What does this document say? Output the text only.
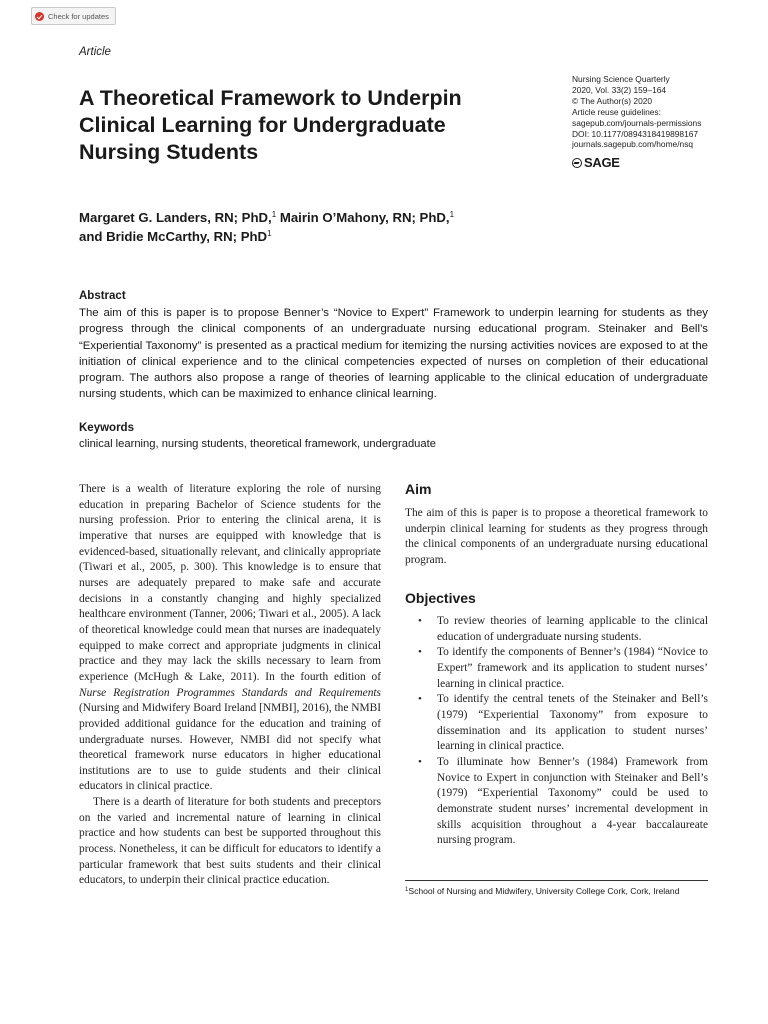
Check for updates
Article
A Theoretical Framework to Underpin Clinical Learning for Undergraduate Nursing Students
Nursing Science Quarterly
2020, Vol. 33(2) 159–164
© The Author(s) 2020
Article reuse guidelines:
sagepub.com/journals-permissions
DOI: 10.1177/0894318419898167
journals.sagepub.com/home/nsq
SAGE
Margaret G. Landers, RN; PhD,$^1$ Mairin O’Mahony, RN; PhD,$^1$
and Bridie McCarthy, RN; PhD$^1$
Abstract
The aim of this is paper is to propose Benner’s “Novice to Expert” Framework to underpin learning for students as they progress through the clinical components of an undergraduate nursing educational program. Steinaker and Bell’s “Experiential Taxonomy” is presented as a practical medium for itemizing the nursing activities novices are exposed to at the initiation of clinical experience and to the clinical competencies expected of nurses on completion of their educational program. The authors also propose a range of theories of learning applicable to the clinical education of undergraduate nursing students, which can be maximized to enhance clinical learning.
Keywords
clinical learning, nursing students, theoretical framework, undergraduate

There is a wealth of literature exploring the role of nursing education in preparing Bachelor of Science students for the nursing profession. Prior to entering the clinical arena, it is imperative that nurses are equipped with knowledge that is evidenced-based, situationally relevant, and clinically appropriate (Tiwari et al., 2005, p. 300). This knowledge is to ensure that nurses are adequately prepared to make safe and accurate decisions in a constantly changing and highly specialized healthcare environment (Tanner, 2006; Tiwari et al., 2005). A lack of theoretical knowledge could mean that nurses are inadequately equipped to make correct and appropriate judgments in clinical practice and they may lack the skills necessary to learn from experience (McHugh & Lake, 2011). In the fourth edition of Nurse Registration Programmes Standards and Requirements (Nursing and Midwifery Board Ireland [NMBI], 2016), the NMBI provided additional guidance for the education and training of undergraduate nurses. However, NMBI did not specify what theoretical framework nurse educators in higher educational institutions are to use to guide students and their clinical educators in clinical practice.

There is a dearth of literature for both students and preceptors on the varied and incremental nature of learning in clinical practice and how students can best be supported throughout this process. Nonetheless, it can be difficult for educators to identify a particular framework that best suits students and their clinical educators, to underpin their clinical practice education.

Aim
The aim of this is paper is to propose a theoretical framework to underpin clinical learning for students as they progress through the clinical components of an undergraduate nursing educational program.
Objectives
• To review theories of learning applicable to the clinical education of undergraduate nursing students.
• To identify the components of Benner’s (1984) “Novice to Expert” framework and its application to student nurses’ learning in clinical practice.
• To identify the central tenets of the Steinaker and Bell’s (1979) “Experiential Taxonomy” from exposure to dissemination and its application to student nurses’ learning in clinical practice.
• To illuminate how Benner’s (1984) Framework from Novice to Expert in conjunction with Steinaker and Bell’s (1979) “Experiential Taxonomy” could be used to demonstrate student nurses’ incremental development in skills acquisition throughout a 4-year baccalaureate nursing program.
$^1$School of Nursing and Midwifery, University College Cork, Cork, Ireland
